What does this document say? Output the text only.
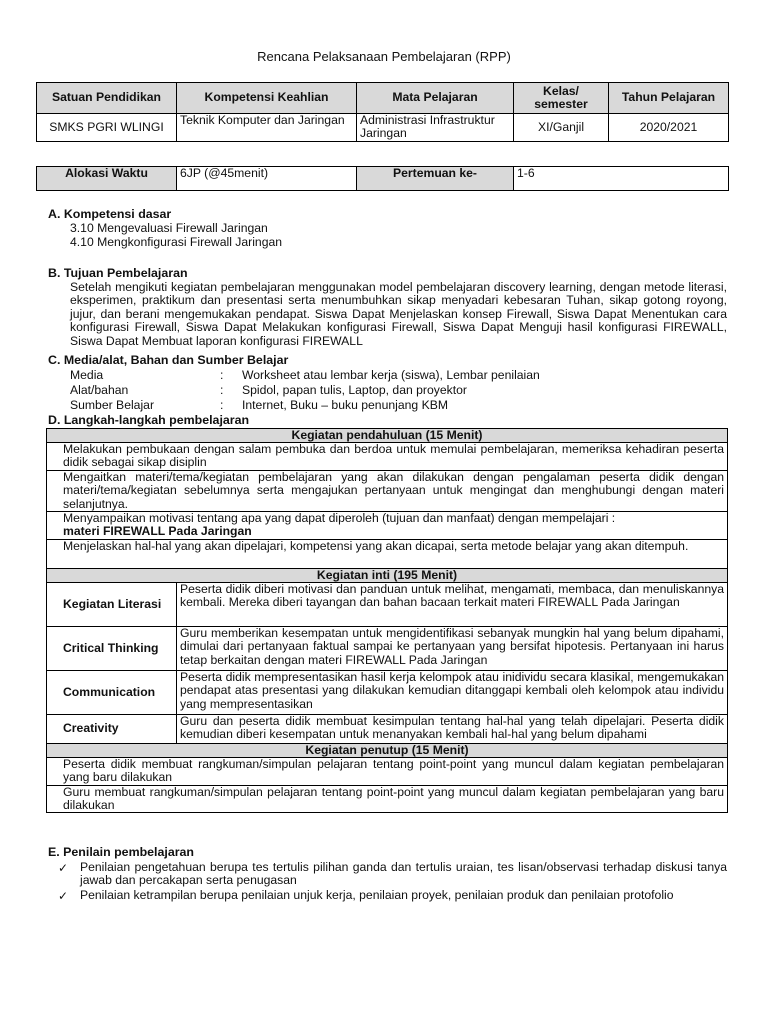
Rencana Pelaksanaan Pembelajaran (RPP)
Satuan Pendidikan	Kompetensi Keahlian	Mata Pelajaran	Kelas/ semester	Tahun Pelajaran
SMKS PGRI WLINGI	Teknik Komputer dan Jaringan	Administrasi Infrastruktur Jaringan	XI/Ganjil	2020/2021
Alokasi Waktu	6JP (@45menit)	Pertemuan ke-	1-6
A. Kompetensi dasar
3.10 Mengevaluasi Firewall Jaringan
4.10 Mengkonfigurasi Firewall Jaringan
B. Tujuan Pembelajaran
Setelah mengikuti kegiatan pembelajaran menggunakan model pembelajaran discovery learning, dengan metode literasi, eksperimen, praktikum dan presentasi serta menumbuhkan sikap menyadari kebesaran Tuhan, sikap gotong royong, jujur, dan berani mengemukakan pendapat. Siswa Dapat Menjelaskan konsep Firewall, Siswa Dapat Menentukan cara konfigurasi Firewall, Siswa Dapat Melakukan konfigurasi Firewall, Siswa Dapat Menguji hasil konfigurasi FIREWALL, Siswa Dapat Membuat laporan konfigurasi FIREWALL
C. Media/alat, Bahan dan Sumber Belajar
Media	: Worksheet atau lembar kerja (siswa), Lembar penilaian
Alat/bahan	: Spidol, papan tulis, Laptop, dan proyektor
Sumber Belajar	: Internet, Buku – buku penunjang KBM
D. Langkah-langkah pembelajaran
Kegiatan pendahuluan (15 Menit)	
Melakukan pembukaan dengan salam pembuka dan berdoa untuk memulai pembelajaran, memeriksa kehadiran peserta didik sebagai sikap disiplin	
Mengaitkan materi/tema/kegiatan pembelajaran yang akan dilakukan dengan pengalaman peserta didik dengan materi/tema/kegiatan sebelumnya serta mengajukan pertanyaan untuk mengingat dan menghubungi dengan materi selanjutnya.	

Menyampaikan motivasi tentang apa yang dapat diperoleh (tujuan dan manfaat) dengan mempelajari :
materi FIREWALL Pada Jaringan	

Menjelaskan hal-hal yang akan dipelajari, kompetensi yang akan dicapai, serta metode belajar yang akan ditempuh.	
Kegiatan inti (195 Menit)	
Kegiatan Literasi	Peserta didik diberi motivasi dan panduan untuk melihat, mengamati, membaca, dan menuliskannya kembali. Mereka diberi tayangan dan bahan bacaan terkait materi FIREWALL Pada Jaringan
Critical Thinking	Guru memberikan kesempatan untuk mengidentifikasi sebanyak mungkin hal yang belum dipahami, dimulai dari pertanyaan faktual sampai ke pertanyaan yang bersifat hipotesis. Pertanyaan ini harus tetap berkaitan dengan materi FIREWALL Pada Jaringan
Communication	Peserta didik mempresentasikan hasil kerja kelompok atau inidividu secara klasikal, mengemukakan pendapat atas presentasi yang dilakukan kemudian ditanggapi kembali oleh kelompok atau individu yang mempresentasikan
Creativity	Guru dan peserta didik membuat kesimpulan tentang hal-hal yang telah dipelajari. Peserta didik kemudian diberi kesempatan untuk menanyakan kembali hal-hal yang belum dipahami
Kegiatan penutup (15 Menit)	
Peserta didik membuat rangkuman/simpulan pelajaran tentang point-point yang muncul dalam kegiatan pembelajaran yang baru dilakukan	
Guru membuat rangkuman/simpulan pelajaran tentang point-point yang muncul dalam kegiatan pembelajaran yang baru dilakukan	
E. Penilain pembelajaran
✓ Penilaian pengetahuan berupa tes tertulis pilihan ganda dan tertulis uraian, tes lisan/observasi terhadap diskusi tanya jawab dan percakapan serta penugasan
✓ Penilaian ketrampilan berupa penilaian unjuk kerja, penilaian proyek, penilaian produk dan penilaian protofolio
